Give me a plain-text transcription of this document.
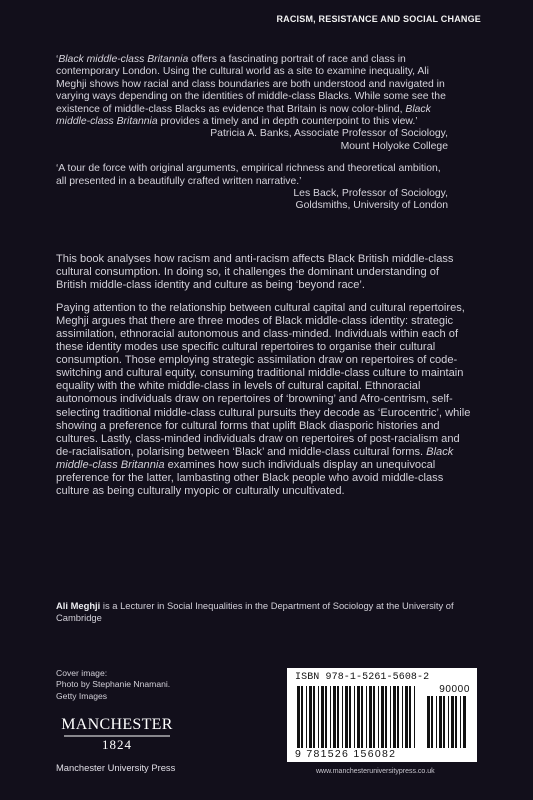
RACISM, RESISTANCE AND SOCIAL CHANGE
‘Black middle-class Britannia offers a fascinating portrait of race and class in contemporary London. Using the cultural world as a site to examine inequality, Ali Meghji shows how racial and class boundaries are both understood and navigated in varying ways depending on the identities of middle-class Blacks. While some see the existence of middle-class Blacks as evidence that Britain is now color-blind, Black middle-class Britannia provides a timely and in depth counterpoint to this view.’
Patricia A. Banks, Associate Professor of Sociology,
Mount Holyoke College
‘A tour de force with original arguments, empirical richness and theoretical ambition, all presented in a beautifully crafted written narrative.’
Les Back, Professor of Sociology,
Goldsmiths, University of London

This book analyses how racism and anti-racism affects Black British middle-class cultural consumption. In doing so, it challenges the dominant understanding of British middle-class identity and culture as being ‘beyond race’.

Paying attention to the relationship between cultural capital and cultural repertoires, Meghji argues that there are three modes of Black middle-class identity: strategic assimilation, ethnoracial autonomous and class-minded. Individuals within each of these identity modes use specific cultural repertoires to organise their cultural consumption. Those employing strategic assimilation draw on repertoires of code-switching and cultural equity, consuming traditional middle-class culture to maintain equality with the white middle-class in levels of cultural capital. Ethnoracial autonomous individuals draw on repertoires of ‘browning’ and Afro-centrism, self-selecting traditional middle-class cultural pursuits they decode as ‘Eurocentric’, while showing a preference for cultural forms that uplift Black diasporic histories and cultures. Lastly, class-minded individuals draw on repertoires of post-racialism and de-racialisation, polarising between ‘Black’ and middle-class cultural forms. Black middle-class Britannia examines how such individuals display an unequivocal preference for the latter, lambasting other Black people who avoid middle-class culture as being culturally myopic or culturally uncultivated.

Ali Meghji is a Lecturer in Social Inequalities in the Department of Sociology at the University of Cambridge
Cover image:
Photo by Stephanie Nnamani.
Getty Images
MANCHESTER
1824
Manchester University Press
ISBN 978-1-5261-5608-2
90000
9 781526 156082
www.manchesteruniversitypress.co.uk
